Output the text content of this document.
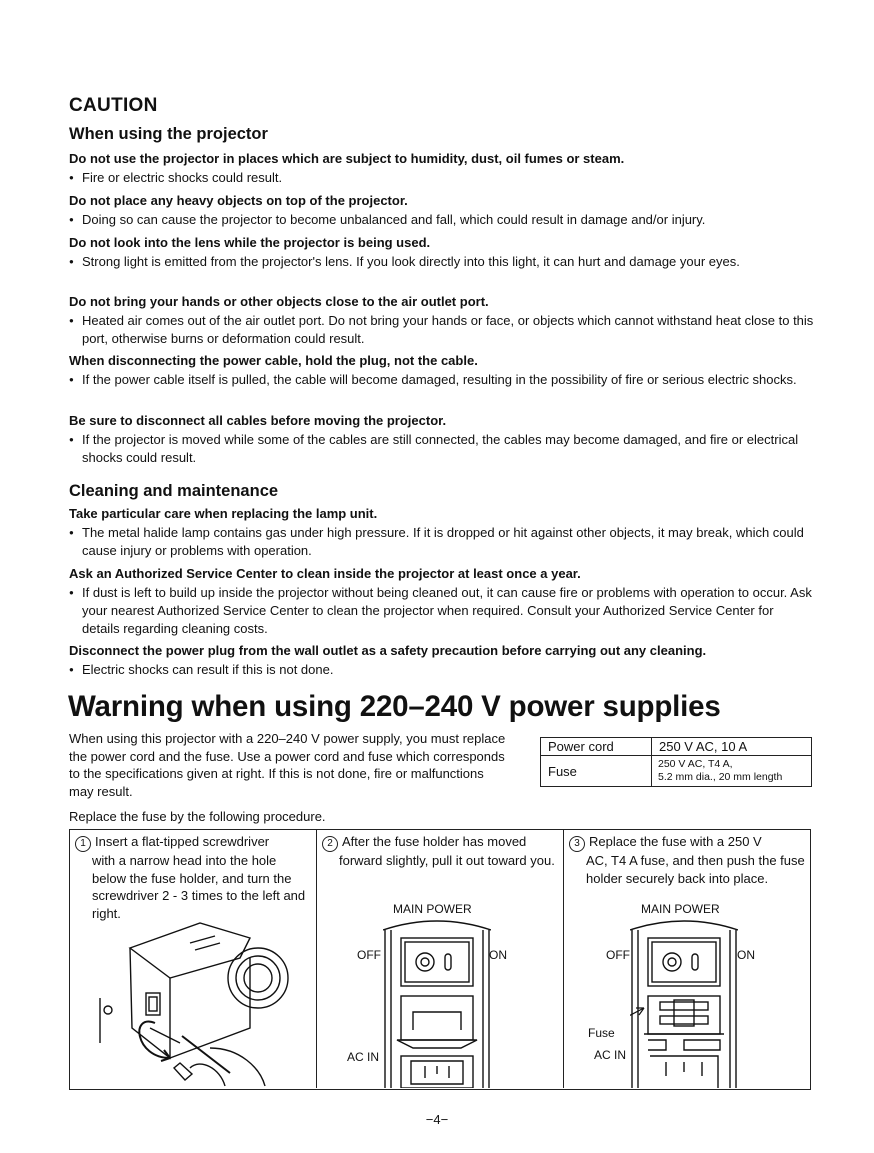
CAUTION
When using the projector

Do not use the projector in places which are subject to humidity, dust, oil fumes or steam.

● Fire or electric shocks could result.

Do not place any heavy objects on top of the projector.

● Doing so can cause the projector to become unbalanced and fall, which could result in damage and/or injury.

Do not look into the lens while the projector is being used.

● Strong light is emitted from the projector's lens. If you look directly into this light, it can hurt and damage your eyes.

Do not bring your hands or other objects close to the air outlet port.

● Heated air comes out of the air outlet port. Do not bring your hands or face, or objects which cannot withstand heat close to this port, otherwise burns or deformation could result.

When disconnecting the power cable, hold the plug, not the cable.

● If the power cable itself is pulled, the cable will become damaged, resulting in the possibility of fire or serious electric shocks.

Be sure to disconnect all cables before moving the projector.

● If the projector is moved while some of the cables are still connected, the cables may become damaged, and fire or electrical shocks could result.

Cleaning and maintenance

Take particular care when replacing the lamp unit.

● The metal halide lamp contains gas under high pressure. If it is dropped or hit against other objects, it may break, which could cause injury or problems with operation.

Ask an Authorized Service Center to clean inside the projector at least once a year.

● If dust is left to build up inside the projector without being cleaned out, it can cause fire or problems with operation to occur. Ask your nearest Authorized Service Center to clean the projector when required. Consult your Authorized Service Center for details regarding cleaning costs.

Disconnect the power plug from the wall outlet as a safety precaution before carrying out any cleaning.

● Electric shocks can result if this is not done.

Warning when using 220–240 V power supplies

When using this projector with a 220–240 V power supply, you must replace the power cord and the fuse. Use a power cord and fuse which corresponds to the specifications given at right. If this is not done, fire or malfunctions may result.

Power cord	250 V AC, 10 A
Fuse	250 V AC, T4 A,
5.2 mm dia., 20 mm length
Replace the fuse by the following procedure.
1 Insert a flat-tipped screwdriver
with a narrow head into the hole below the fuse holder, and turn the screwdriver 2 - 3 times to the left and right.
2 After the fuse holder has moved
forward slightly, pull it out toward you.
MAIN POWER
OFF	ON
AC IN
3 Replace the fuse with a 250 V
AC, T4 A fuse, and then push the fuse holder securely back into place.
MAIN POWER
OFF	ON
Fuse
AC IN
−4−
